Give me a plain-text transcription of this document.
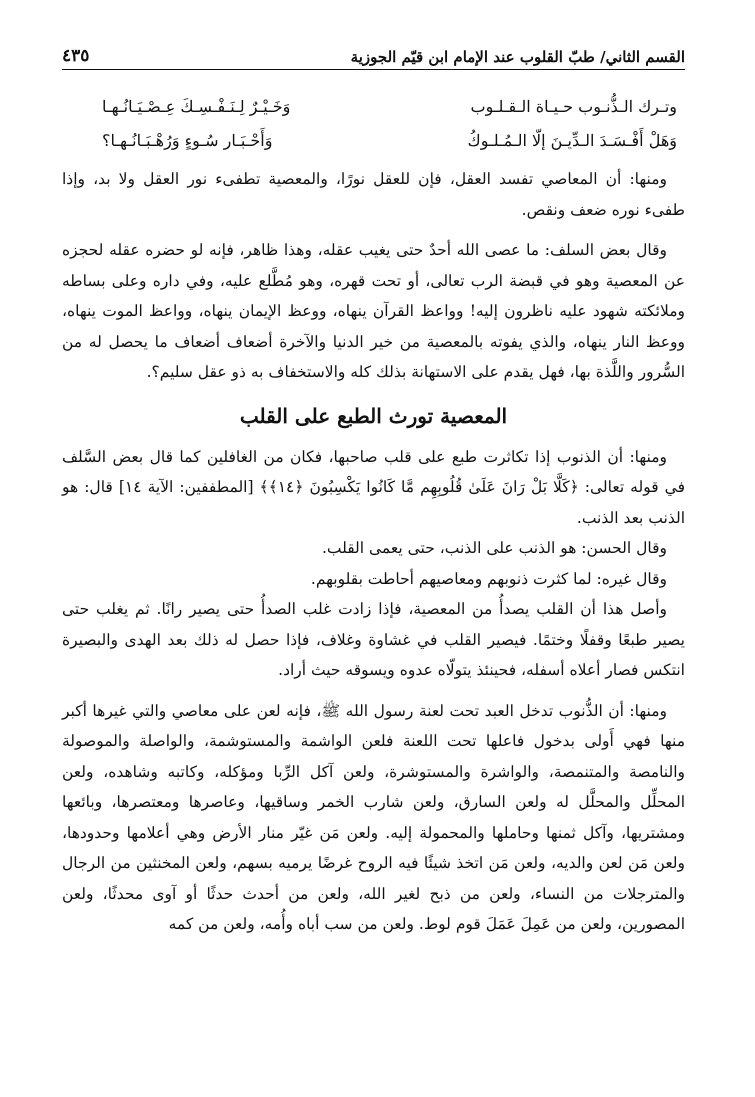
القسم الثاني/ طبّ القلوب عند الإمام ابن قيّم الجوزية
٤٣٥
وتـرك الـذُّنـوب حـيـاة الـقـلـوب
وَخَـيْـرٌ لِـنَـفْـسِـكَ عِـصْـيَـانُـهـا
وَهَلْ أَفْـسَـدَ الـدِّيـنَ إلّا الـمُـلـوكُ
وَأَحْـبَـار سُـوءٍ وَرُهْـبَـانُـهـا؟

ومنها: أن المعاصي تفسد العقل، فإن للعقل نورًا، والمعصية تطفىء نور العقل ولا بد، وإذا طفىء نوره ضعف ونقص.

وقال بعض السلف: ما عصى الله أحدٌ حتى يغيب عقله، وهذا ظاهر، فإنه لو حضره عقله لحجزه عن المعصية وهو في قبضة الرب تعالى، أو تحت قهره، وهو مُطَّلع عليه، وفي داره وعلى بساطه وملائكته شهود عليه ناظرون إليه! وواعظ القرآن ينهاه، ووعظ الإيمان ينهاه، وواعظ الموت ينهاه، ووعظ النار ينهاه، والذي يفوته بالمعصية من خير الدنيا والآخرة أضعاف أضعاف ما يحصل له من السُّرور واللَّذة بها، فهل يقدم على الاستهانة بذلك كله والاستخفاف به ذو عقل سليم؟.

المعصية تورث الطبع على القلب

ومنها: أن الذنوب إذا تكاثرت طبع على قلب صاحبها، فكان من الغافلين كما قال بعض السَّلف في قوله تعالى: ﴿كَلَّا بَلْ رَانَ عَلَىٰ قُلُوبِهِم مَّا كَانُوا يَكْسِبُونَ ﴿١٤﴾﴾ [المطففين: الآية ١٤] قال: هو الذنب بعد الذنب.

وقال الحسن: هو الذنب على الذنب، حتى يعمى القلب.

وقال غيره: لما كثرت ذنوبهم ومعاصيهم أحاطت بقلوبهم.

وأصل هذا أن القلب يصدأُ من المعصية، فإذا زادت غلب الصدأُ حتى يصير رانًا. ثم يغلب حتى يصير طبعًا وقفلًا وختمًا. فيصير القلب في غشاوة وغلاف، فإذا حصل له ذلك بعد الهدى والبصيرة انتكس فصار أعلاه أسفله، فحينئذ يتولّاه عدوه ويسوقه حيث أراد.

ومنها: أن الذُّنوب تدخل العبد تحت لعنة رسول الله ﷺ، فإنه لعن على معاصي والتي غيرها أكبر منها فهي أَولى بدخول فاعلها تحت اللعنة فلعن الواشمة والمستوشمة، والواصلة والموصولة والنامصة والمتنمصة، والواشرة والمستوشرة، ولعن آكل الرِّبا ومؤكله، وكاتبه وشاهده، ولعن المحلِّل والمحلَّل له ولعن السارق، ولعن شارب الخمر وساقيها، وعاصرها ومعتصرها، وبائعها ومشتريها، وآكل ثمنها وحاملها والمحمولة إليه. ولعن مَن غيّر منار الأرض وهي أعلامها وحدودها، ولعن مَن لعن والديه، ولعن مَن اتخذ شيئًا فيه الروح غرضًا يرميه بسهم، ولعن المخنثين من الرجال والمترجلات من النساء، ولعن من ذبح لغير الله، ولعن من أحدث حدثًا أو آوى محدثًا، ولعن المصورين، ولعن من عَمِلَ عَمَلَ قوم لوط. ولعن من سب أباه وأُمه، ولعن من كمه
